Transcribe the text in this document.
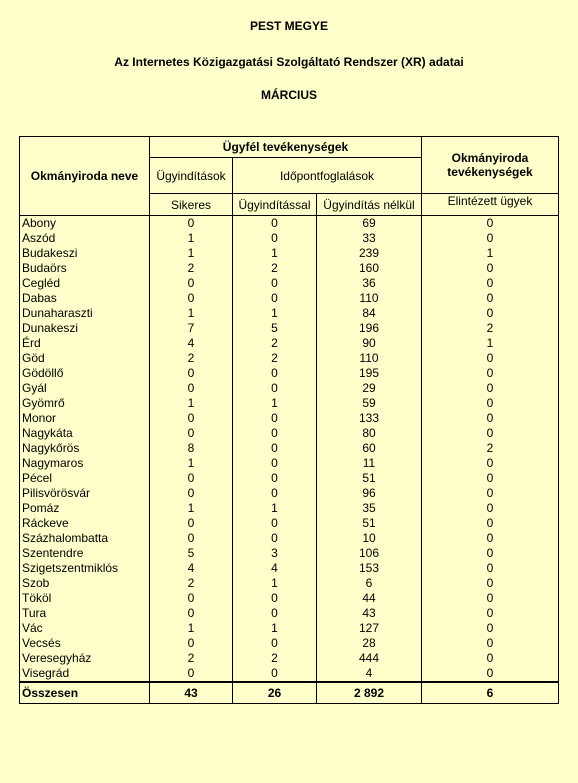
PEST MEGYE
Az Internetes Közigazgatási Szolgáltató Rendszer (XR) adatai
MÁRCIUS
Okmányiroda neve	Ügyfél tevékenységek			Okmányiroda tevékenységek
	Ügyindítások	Időpontfoglalások		
	Sikeres	Ügyindítással	Ügyindítás nélkül	Elintézett ügyek
Abony	0	0	69	0
Aszód	1	0	33	0
Budakeszi	1	1	239	1
Budaörs	2	2	160	0
Cegléd	0	0	36	0
Dabas	0	0	110	0
Dunaharaszti	1	1	84	0
Dunakeszi	7	5	196	2
Érd	4	2	90	1
Göd	2	2	110	0
Gödöllő	0	0	195	0
Gyál	0	0	29	0
Gyömrő	1	1	59	0
Monor	0	0	133	0
Nagykáta	0	0	80	0
Nagykőrös	8	0	60	2
Nagymaros	1	0	11	0
Pécel	0	0	51	0
Pilisvörösvár	0	0	96	0
Pomáz	1	1	35	0
Ráckeve	0	0	51	0
Százhalombatta	0	0	10	0
Szentendre	5	3	106	0
Szigetszentmiklós	4	4	153	0
Szob	2	1	6	0
Tököl	0	0	44	0
Tura	0	0	43	0
Vác	1	1	127	0
Vecsés	0	0	28	0
Veresegyház	2	2	444	0
Visegrád	0	0	4	0
Összesen	43	26	2 892	6
